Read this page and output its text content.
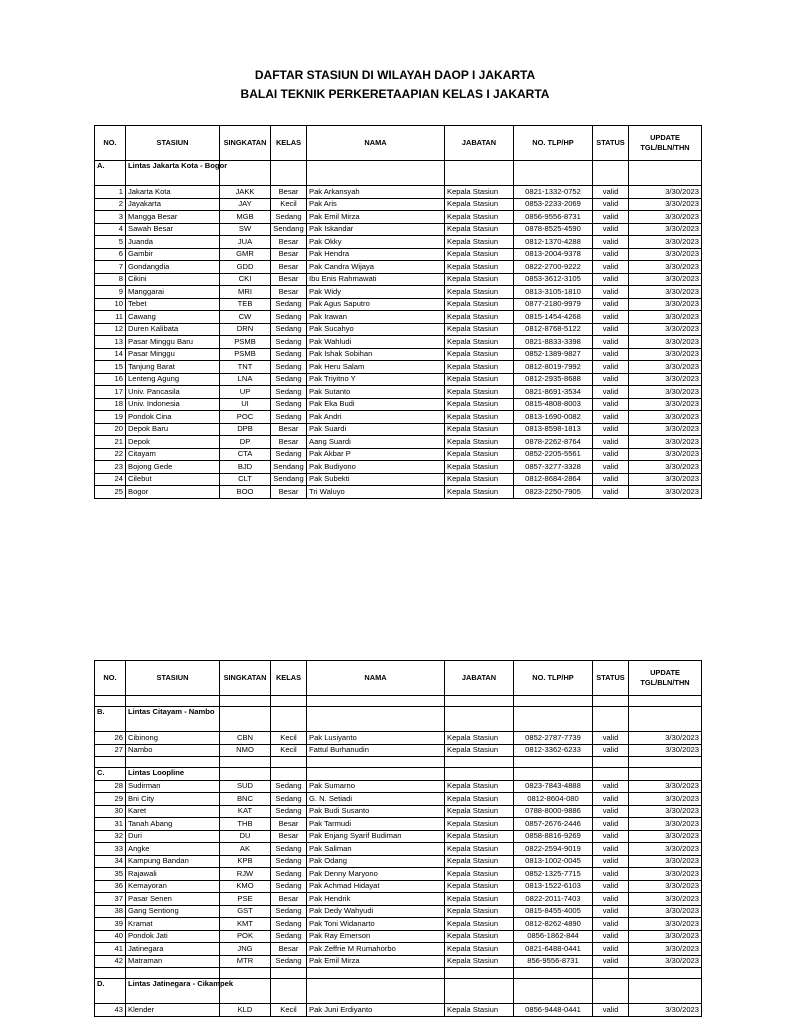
DAFTAR STASIUN DI WILAYAH DAOP I JAKARTA
BALAI TEKNIK PERKERETAAPIAN KELAS I JAKARTA
NO.	STASIUN	SINGKATAN	KELAS	NAMA	JABATAN	NO. TLP/HP	STATUS	UPDATE
TGL/BLN/THN
A.	Lintas Jakarta Kota - Bogor							
1	Jakarta Kota	JAKK	Besar	Pak Arkansyah	Kepala Stasiun	0821-1332-0752	valid	3/30/2023
2	Jayakarta	JAY	Kecil	Pak Aris	Kepala Stasiun	0853-2233-2069	valid	3/30/2023
3	Mangga Besar	MGB	Sedang	Pak Emil Mirza	Kepala Stasiun	0856-9556-8731	valid	3/30/2023
4	Sawah Besar	SW	Sendang	Pak Iskandar	Kepala Stasiun	0878-8525-4590	valid	3/30/2023
5	Juanda	JUA	Besar	Pak Okky	Kepala Stasiun	0812-1370-4288	valid	3/30/2023
6	Gambir	GMR	Besar	Pak Hendra	Kepala Stasiun	0813-2004-9378	valid	3/30/2023
7	Gondangdia	GDD	Besar	Pak Candra Wijaya	Kepala Stasiun	0822-2700-9222	valid	3/30/2023
8	Cikini	CKI	Besar	Ibu Enis Rahmawati	Kepala Stasiun	0853-3612-3105	valid	3/30/2023
9	Manggarai	MRI	Besar	Pak Widy	Kepala Stasiun	0813-3105-1810	valid	3/30/2023
10	Tebet	TEB	Sedang	Pak Agus Saputro	Kepala Stasiun	0877-2180-9979	valid	3/30/2023
11	Cawang	CW	Sedang	Pak Irawan	Kepala Stasiun	0815-1454-4268	valid	3/30/2023
12	Duren Kalibata	DRN	Sedang	Pak Sucahyo	Kepala Stasiun	0812-8768-5122	valid	3/30/2023
13	Pasar Minggu Baru	PSMB	Sedang	Pak Wahludi	Kepala Stasiun	0821-8833-3398	valid	3/30/2023
14	Pasar Minggu	PSMB	Sedang	Pak Ishak Sobihan	Kepala Stasiun	0852-1389-9827	valid	3/30/2023
15	Tanjung Barat	TNT	Sedang	Pak Heru Salam	Kepala Stasiun	0812-8019-7992	valid	3/30/2023
16	Lenteng Agung	LNA	Sedang	Pak Triyitno Y	Kepala Stasiun	0812-2935-8688	valid	3/30/2023
17	Univ. Pancasila	UP	Sedang	Pak Sutanto	Kepala Stasiun	0821-8691-3534	valid	3/30/2023
18	Univ. Indonesia	UI	Sedang	Pak Eka Budi	Kepala Stasiun	0815-4808-8003	valid	3/30/2023
19	Pondok Cina	POC	Sedang	Pak Andri	Kepala Stasiun	0813-1690-0082	valid	3/30/2023
20	Depok Baru	DPB	Besar	Pak Suardi	Kepala Stasiun	0813-8598-1813	valid	3/30/2023
21	Depok	DP	Besar	Aang Suardi	Kepala Stasiun	0878-2262-8764	valid	3/30/2023
22	Citayam	CTA	Sedang	Pak Akbar P	Kepala Stasiun	0852-2205-5561	valid	3/30/2023
23	Bojong Gede	BJD	Sendang	Pak Budiyono	Kepala Stasiun	0857-3277-3328	valid	3/30/2023
24	Cilebut	CLT	Sendang	Pak Subekti	Kepala Stasiun	0812-8684-2864	valid	3/30/2023
25	Bogor	BOO	Besar	Tri Waluyo	Kepala Stasiun	0823-2250-7905	valid	3/30/2023
NO.	STASIUN	SINGKATAN	KELAS	NAMA	JABATAN	NO. TLP/HP	STATUS	UPDATE
TGL/BLN/THN

B.	Lintas Citayam - Nambo							
26	Cibinong	CBN	Kecil	Pak Lusiyanto	Kepala Stasiun	0852-2787-7739	valid	3/30/2023
27	Nambo	NMO	Kecil	Fattul Burhanudin	Kepala Stasiun	0812-3362-6233	valid	3/30/2023

C.	Lintas Loopline							
28	Sudirman	SUD	Sedang	Pak Sumarno	Kepala Stasiun	0823-7843-4888	valid	3/30/2023
29	Bni City	BNC	Sedang	G. N. Setiadi	Kepala Stasiun	0812-8604-080	valid	3/30/2023
30	Karet	KAT	Sedang	Pak Budi Susanto	Kepala Stasiun	0788-8000-9886	valid	3/30/2023
31	Tanah Abang	THB	Besar	Pak Tarmudi	Kepala Stasiun	0857-2676-2446	valid	3/30/2023
32	Duri	DU	Besar	Pak Enjang Syarif Budiman	Kepala Stasiun	0858-8816-9269	valid	3/30/2023
33	Angke	AK	Sedang	Pak Saliman	Kepala Stasiun	0822-2594-9019	valid	3/30/2023
34	Kampung Bandan	KPB	Sedang	Pak Odang	Kepala Stasiun	0813-1002-0045	valid	3/30/2023
35	Rajawali	RJW	Sedang	Pak Denny Maryono	Kepala Stasiun	0852-1325-7715	valid	3/30/2023
36	Kemayoran	KMO	Sedang	Pak Achmad Hidayat	Kepala Stasiun	0813-1522-6103	valid	3/30/2023
37	Pasar Senen	PSE	Besar	Pak Hendrik	Kepala Stasiun	0822-2011-7403	valid	3/30/2023
38	Gang Sentiong	GST	Sedang	Pak Dedy Wahyudi	Kepala Stasiun	0815-8455-4005	valid	3/30/2023
39	Kramat	KMT	Sedang	Pak Toni Widanarto	Kepala Stasiun	0812-8262-4890	valid	3/30/2023
40	Pondok Jati	POK	Sedang	Pak Ray Emerson	Kepala Stasiun	0856-1862-844	valid	3/30/2023
41	Jatinegara	JNG	Besar	Pak Zeffrie M Rumahorbo	Kepala Stasiun	0821-6488-0441	valid	3/30/2023
42	Matraman	MTR	Sedang	Pak Emil Mirza	Kepala Stasiun	856-9556-8731	valid	3/30/2023

D.	Lintas Jatinegara - Cikampek							
43	Klender	KLD	Kecil	Pak Juni Erdiyanto	Kepala Stasiun	0856-9448-0441	valid	3/30/2023
